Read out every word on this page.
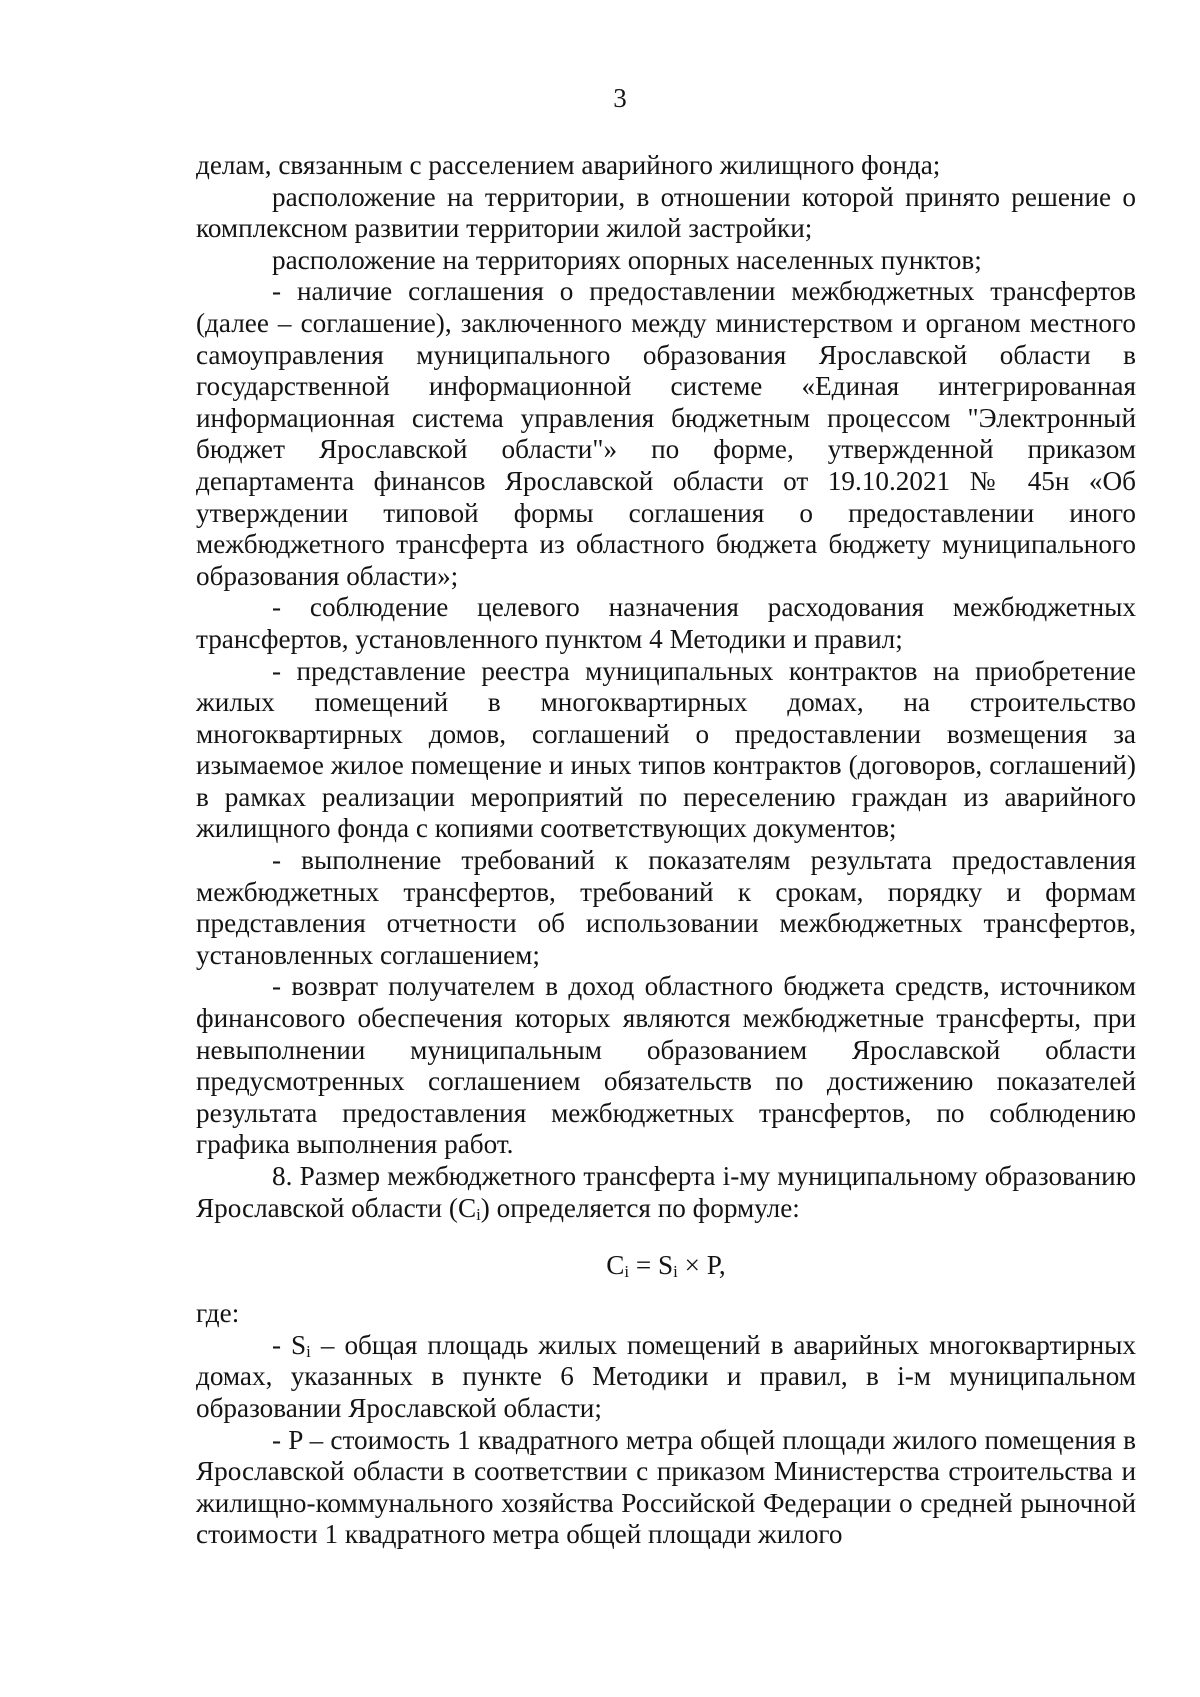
3

делам, связанным с расселением аварийного жилищного фонда;

расположение на территории, в отношении которой принято решение о комплексном развитии территории жилой застройки;

расположение на территориях опорных населенных пунктов;

- наличие соглашения о предоставлении межбюджетных трансфертов (далее – соглашение), заключенного между министерством и органом местного самоуправления муниципального образования Ярославской области в государственной информационной системе «Единая интегрированная информационная система управления бюджетным процессом "Электронный бюджет Ярославской области"» по форме, утвержденной приказом департамента финансов Ярославской области от 19.10.2021 № 45н «Об утверждении типовой формы соглашения о предоставлении иного межбюджетного трансферта из областного бюджета бюджету муниципального образования области»;

- соблюдение целевого назначения расходования межбюджетных трансфертов, установленного пунктом 4 Методики и правил;

- представление реестра муниципальных контрактов на приобретение жилых помещений в многоквартирных домах, на строительство многоквартирных домов, соглашений о предоставлении возмещения за изымаемое жилое помещение и иных типов контрактов (договоров, соглашений) в рамках реализации мероприятий по переселению граждан из аварийного жилищного фонда с копиями соответствующих документов;

- выполнение требований к показателям результата предоставления межбюджетных трансфертов, требований к срокам, порядку и формам представления отчетности об использовании межбюджетных трансфертов, установленных соглашением;

- возврат получателем в доход областного бюджета средств, источником финансового обеспечения которых являются межбюджетные трансферты, при невыполнении муниципальным образованием Ярославской области предусмотренных соглашением обязательств по достижению показателей результата предоставления межбюджетных трансфертов, по соблюдению графика выполнения работ.

8. Размер межбюджетного трансферта i-му муниципальному образованию Ярославской области $(C_i)$ определяется по формуле:

$C_i = S_i \times P$,

где:

- $S_i$ – общая площадь жилых помещений в аварийных многоквартирных домах, указанных в пункте 6 Методики и правил, в i-м муниципальном образовании Ярославской области;

- P – стоимость 1 квадратного метра общей площади жилого помещения в Ярославской области в соответствии с приказом Министерства строительства и жилищно-коммунального хозяйства Российской Федерации о средней рыночной стоимости 1 квадратного метра общей площади жилого
